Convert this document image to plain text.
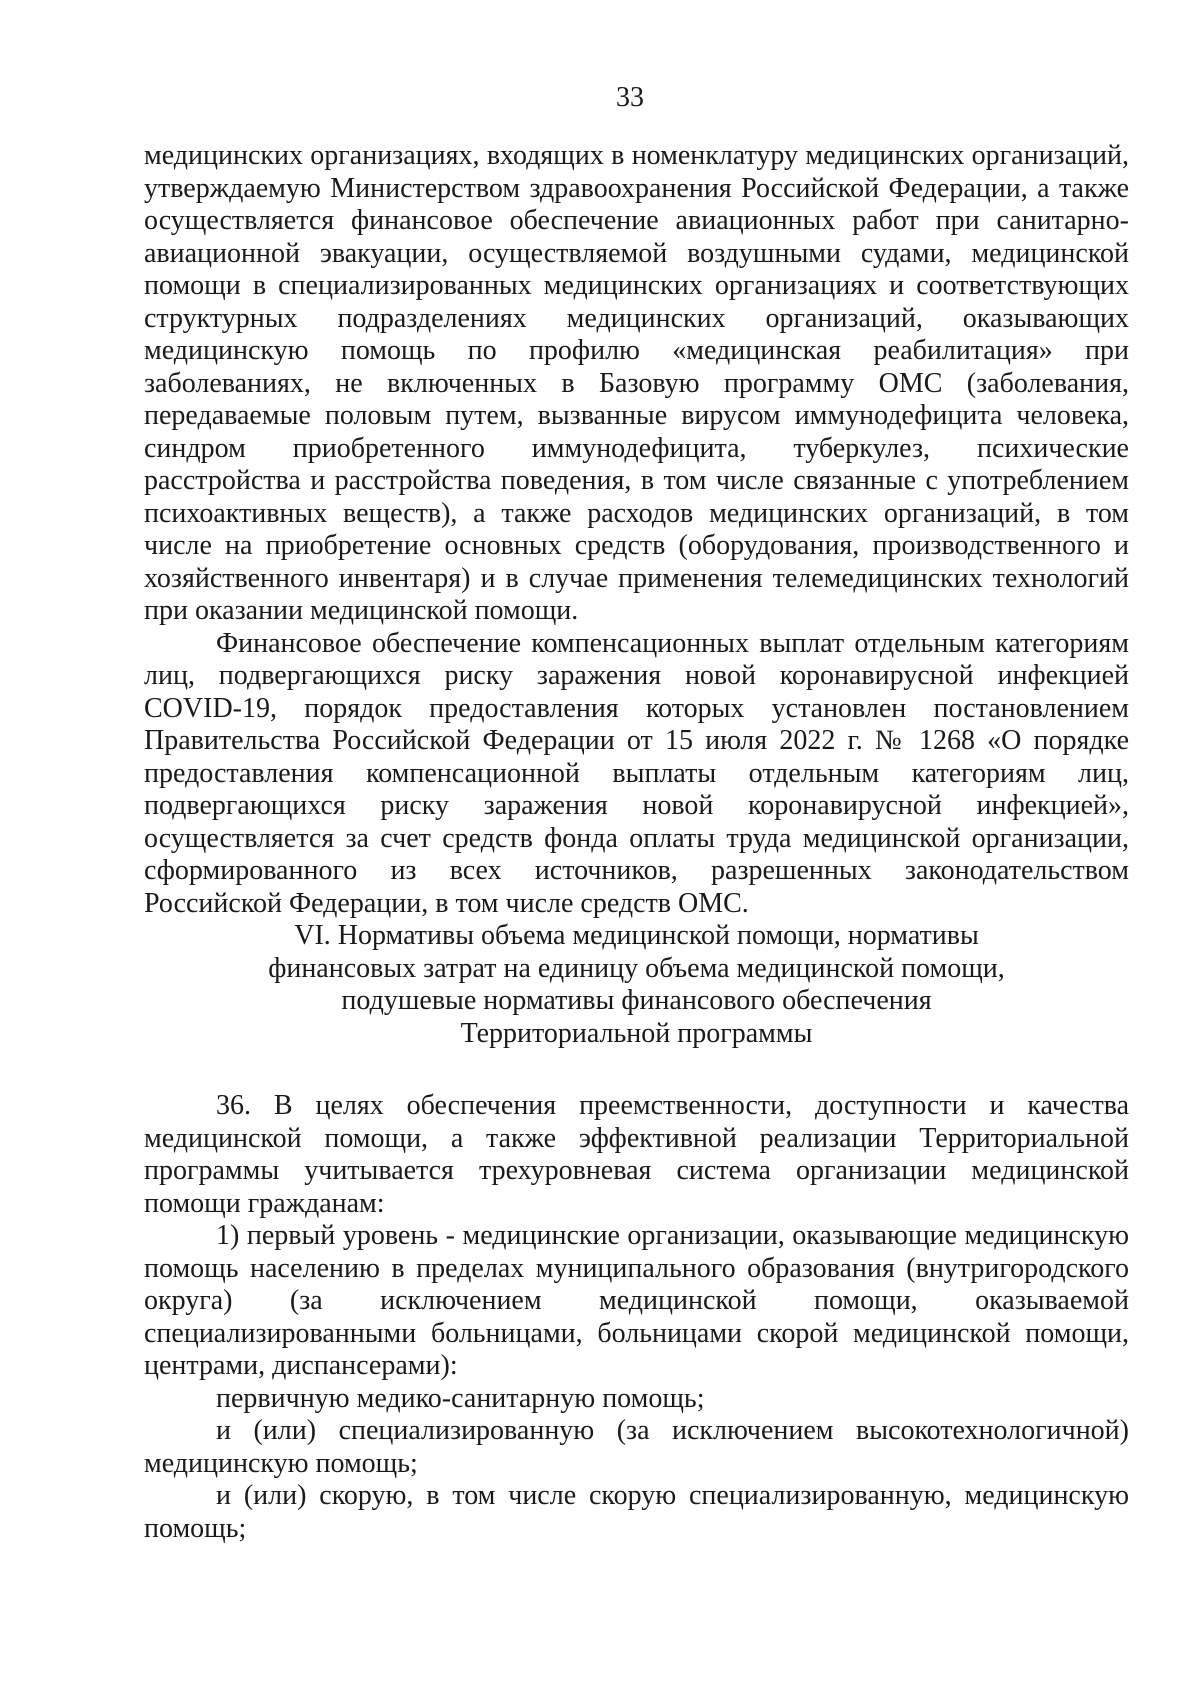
33

медицинских организациях, входящих в номенклатуру медицинских организаций, утверждаемую Министерством здравоохранения Российской Федерации, а также осуществляется финансовое обеспечение авиационных работ при санитарно-авиационной эвакуации, осуществляемой воздушными судами, медицинской помощи в специализированных медицинских организациях и соответствующих структурных подразделениях медицинских организаций, оказывающих медицинскую помощь по профилю «медицинская реабилитация» при заболеваниях, не включенных в Базовую программу ОМС (заболевания, передаваемые половым путем, вызванные вирусом иммунодефицита человека, синдром приобретенного иммунодефицита, туберкулез, психические расстройства и расстройства поведения, в том числе связанные с употреблением психоактивных веществ), а также расходов медицинских организаций, в том числе на приобретение основных средств (оборудования, производственного и хозяйственного инвентаря) и в случае применения телемедицинских технологий при оказании медицинской помощи.

Финансовое обеспечение компенсационных выплат отдельным категориям лиц, подвергающихся риску заражения новой коронавирусной инфекцией COVID-19, порядок предоставления которых установлен постановлением Правительства Российской Федерации от 15 июля 2022 г. № 1268 «О порядке предоставления компенсационной выплаты отдельным категориям лиц, подвергающихся риску заражения новой коронавирусной инфекцией», осуществляется за счет средств фонда оплаты труда медицинской организации, сформированного из всех источников, разрешенных законодательством Российской Федерации, в том числе средств ОМС.

VI. Нормативы объема медицинской помощи, нормативы
финансовых затрат на единицу объема медицинской помощи,
подушевые нормативы финансового обеспечения
Территориальной программы

36. В целях обеспечения преемственности, доступности и качества медицинской помощи, а также эффективной реализации Территориальной программы учитывается трехуровневая система организации медицинской помощи гражданам:

1) первый уровень - медицинские организации, оказывающие медицинскую помощь населению в пределах муниципального образования (внутригородского округа) (за исключением медицинской помощи, оказываемой специализированными больницами, больницами скорой медицинской помощи, центрами, диспансерами):

первичную медико-санитарную помощь;

и (или) специализированную (за исключением высокотехнологичной) медицинскую помощь;

и (или) скорую, в том числе скорую специализированную, медицинскую помощь;
